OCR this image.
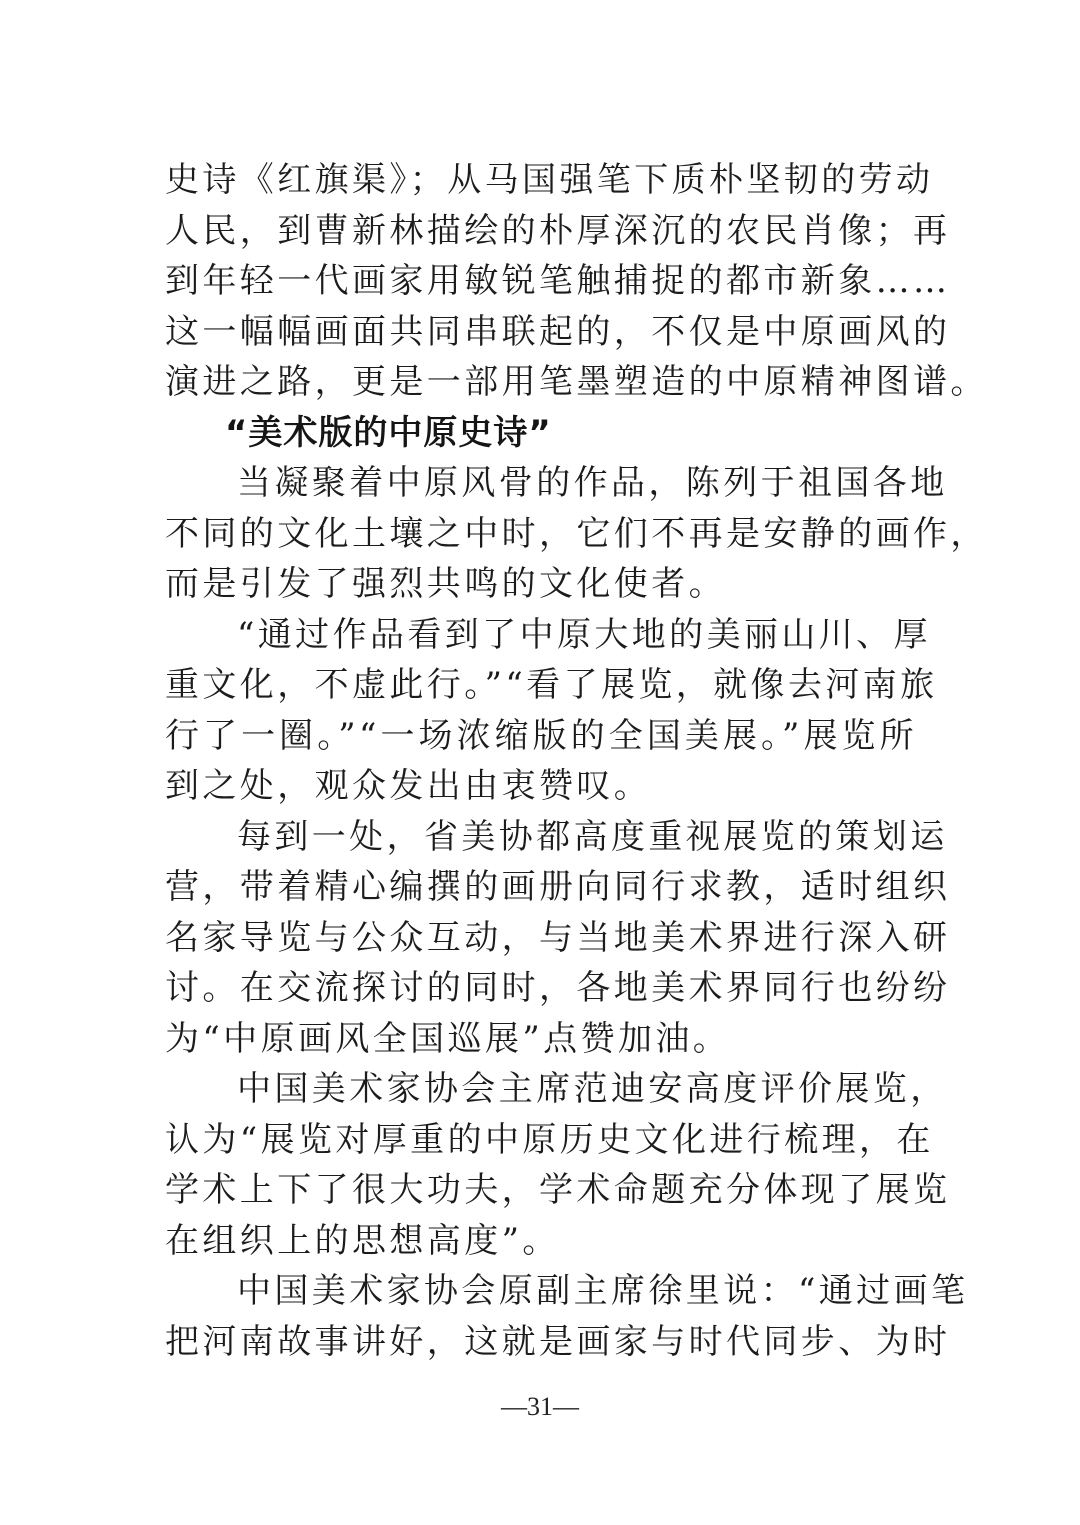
史诗《红旗渠》；从马国强笔下质朴坚韧的劳动
人民，到曹新林描绘的朴厚深沉的农民肖像；再
到年轻一代画家用敏锐笔触捕捉的都市新象……
这一幅幅画面共同串联起的，不仅是中原画风的
演进之路，更是一部用笔墨塑造的中原精神图谱。
“美术版的中原史诗”
当凝聚着中原风骨的作品，陈列于祖国各地
不同的文化土壤之中时，它们不再是安静的画作，
而是引发了强烈共鸣的文化使者。
“通过作品看到了中原大地的美丽山川、厚
重文化，不虚此行。”“看了展览，就像去河南旅
行了一圈。”“一场浓缩版的全国美展。”展览所
到之处，观众发出由衷赞叹。
每到一处，省美协都高度重视展览的策划运
营，带着精心编撰的画册向同行求教，适时组织
名家导览与公众互动，与当地美术界进行深入研
讨。在交流探讨的同时，各地美术界同行也纷纷
为“中原画风全国巡展”点赞加油。
中国美术家协会主席范迪安高度评价展览，
认为“展览对厚重的中原历史文化进行梳理，在
学术上下了很大功夫，学术命题充分体现了展览
在组织上的思想高度”。
中国美术家协会原副主席徐里说：“通过画笔
把河南故事讲好，这就是画家与时代同步、为时
—31—
